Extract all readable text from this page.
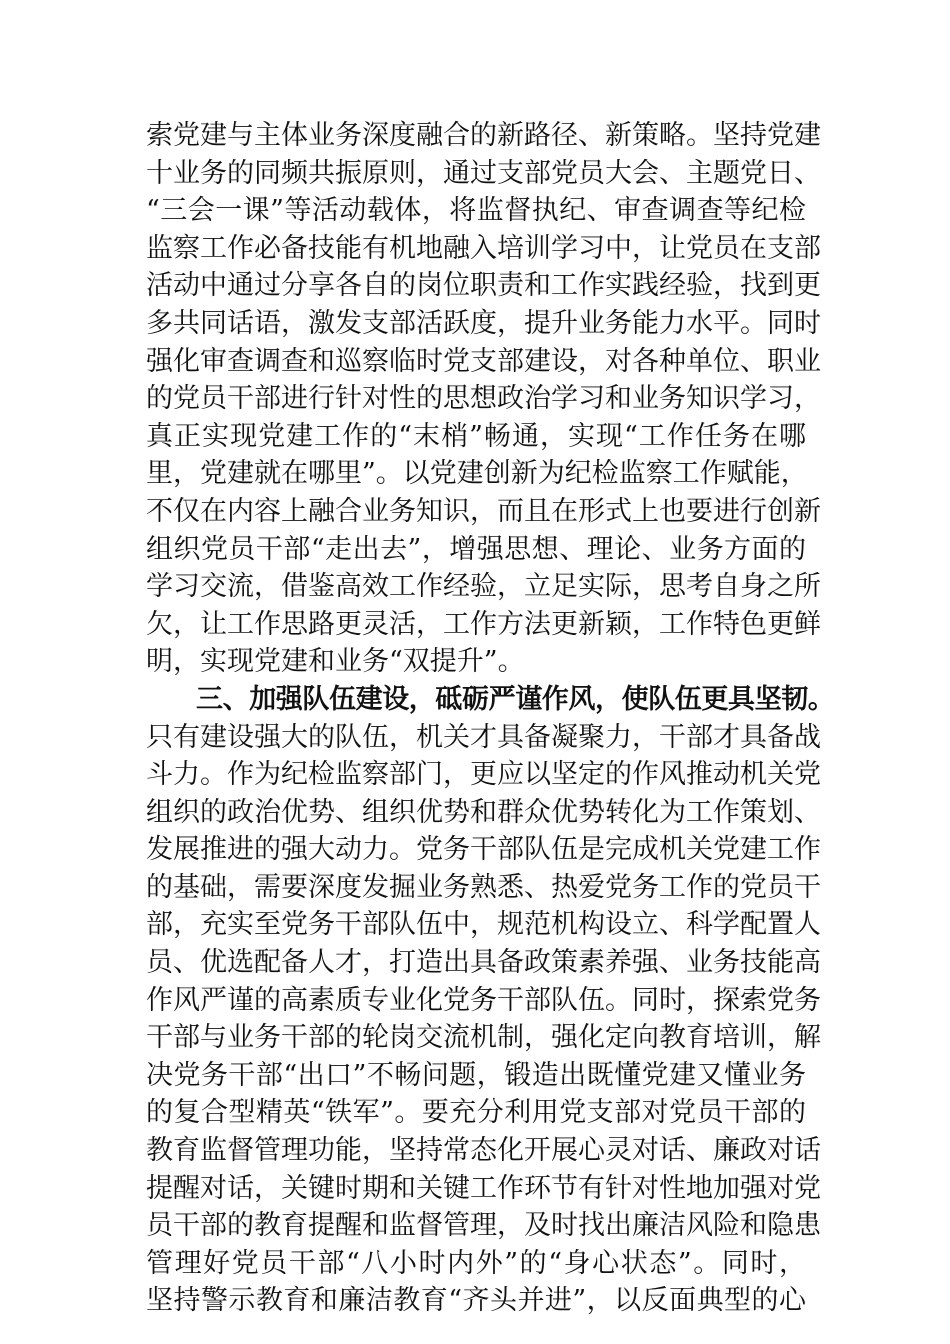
索党建与主体业务深度融合的新路径、新策略。坚持党建
十业务的同频共振原则，通过支部党员大会、主题党日、
“三会一课”等活动载体，将监督执纪、审查调查等纪检
监察工作必备技能有机地融入培训学习中，让党员在支部
活动中通过分享各自的岗位职责和工作实践经验，找到更
多共同话语，激发支部活跃度，提升业务能力水平。同时
强化审查调查和巡察临时党支部建设，对各种单位、职业
的党员干部进行针对性的思想政治学习和业务知识学习，
真正实现党建工作的“末梢”畅通，实现“工作任务在哪
里，党建就在哪里”。以党建创新为纪检监察工作赋能，
不仅在内容上融合业务知识，而且在形式上也要进行创新
组织党员干部“走出去”，增强思想、理论、业务方面的
学习交流，借鉴高效工作经验，立足实际，思考自身之所
欠，让工作思路更灵活，工作方法更新颖，工作特色更鲜
明，实现党建和业务“双提升”。
三、加强队伍建设，砥砺严谨作风，使队伍更具坚韧。
只有建设强大的队伍，机关才具备凝聚力，干部才具备战
斗力。作为纪检监察部门，更应以坚定的作风推动机关党
组织的政治优势、组织优势和群众优势转化为工作策划、
发展推进的强大动力。党务干部队伍是完成机关党建工作
的基础，需要深度发掘业务熟悉、热爱党务工作的党员干
部，充实至党务干部队伍中，规范机构设立、科学配置人
员、优选配备人才，打造出具备政策素养强、业务技能高
作风严谨的高素质专业化党务干部队伍。同时，探索党务
干部与业务干部的轮岗交流机制，强化定向教育培训，解
决党务干部“出口”不畅问题，锻造出既懂党建又懂业务
的复合型精英“铁军”。要充分利用党支部对党员干部的
教育监督管理功能，坚持常态化开展心灵对话、廉政对话
提醒对话，关键时期和关键工作环节有针对性地加强对党
员干部的教育提醒和监督管理，及时找出廉洁风险和隐患
管理好党员干部“八小时内外”的“身心状态”。同时，
坚持警示教育和廉洁教育“齐头并进”，以反面典型的心
